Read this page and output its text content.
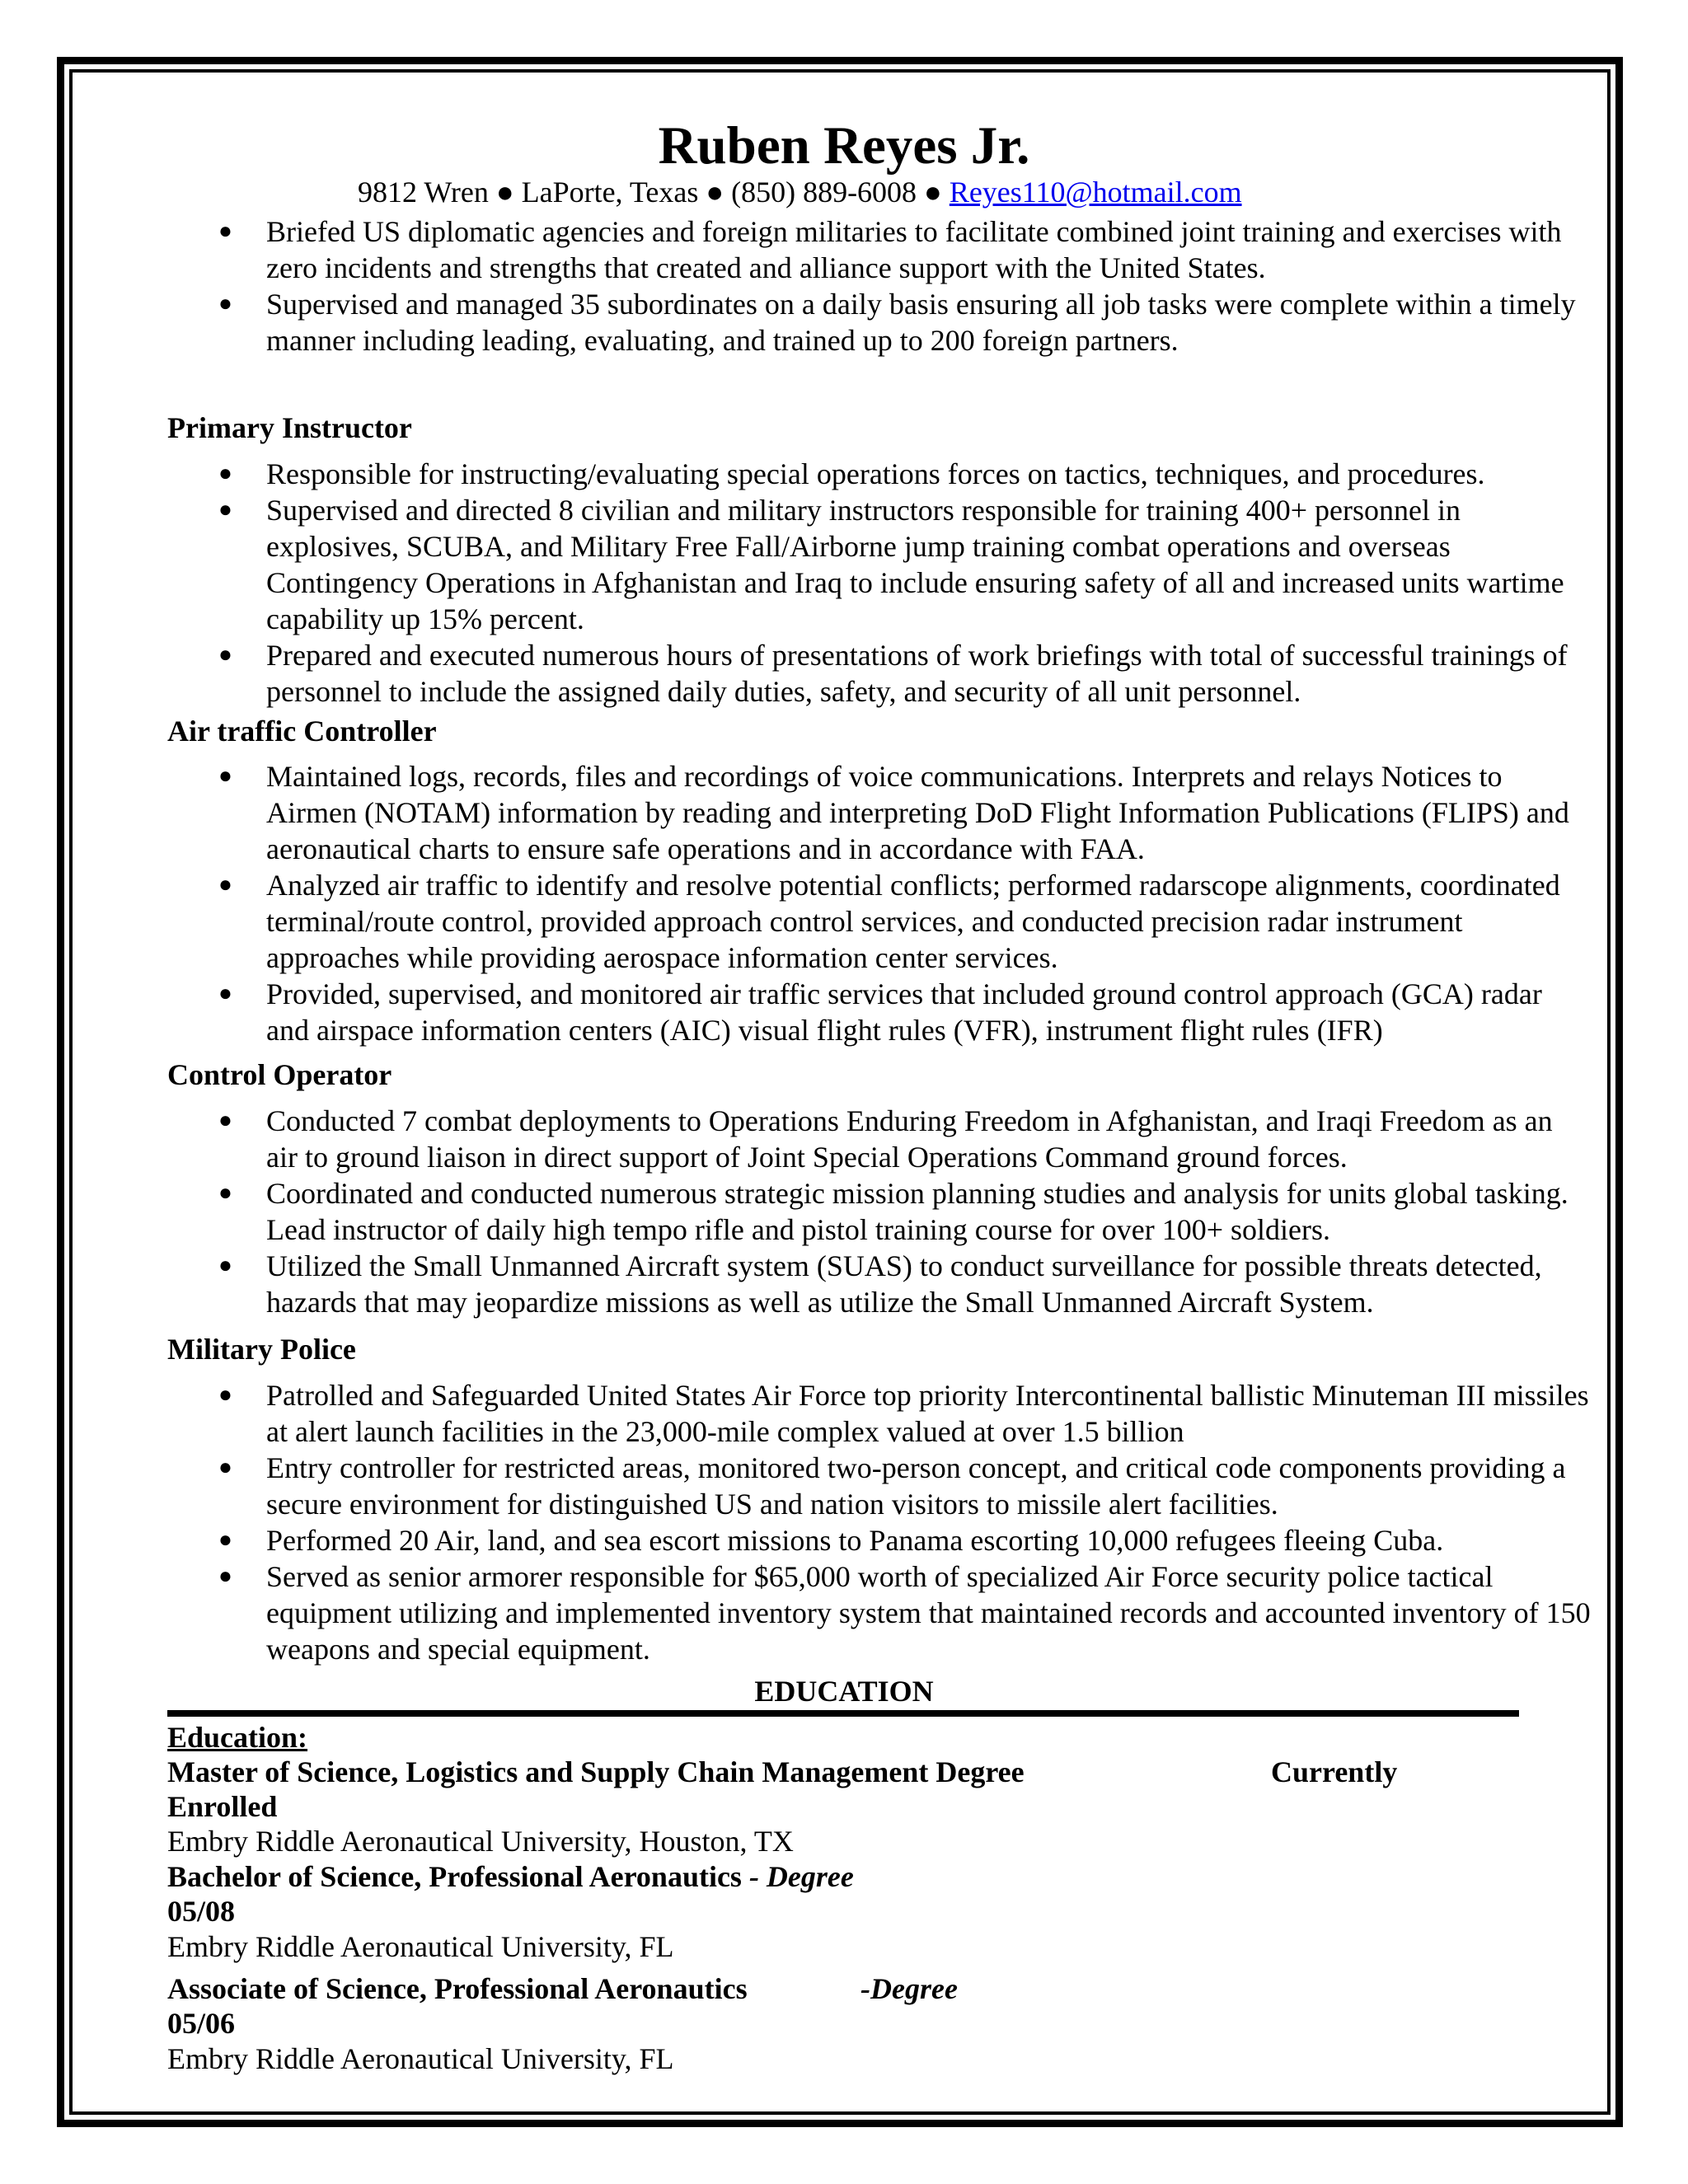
Ruben Reyes Jr.
9812 Wren ● LaPorte, Texas ● (850) 889-6008 ● Reyes110@hotmail.com
● Briefed US diplomatic agencies and foreign militaries to facilitate combined joint training and exercises with zero incidents and strengths that created and alliance support with the United States.
● Supervised and managed 35 subordinates on a daily basis ensuring all job tasks were complete within a timely manner including leading, evaluating, and trained up to 200 foreign partners.
Primary Instructor
● Responsible for instructing/evaluating special operations forces on tactics, techniques, and procedures.
● Supervised and directed 8 civilian and military instructors responsible for training 400+ personnel in explosives, SCUBA, and Military Free Fall/Airborne jump training combat operations and overseas Contingency Operations in Afghanistan and Iraq to include ensuring safety of all and increased units wartime capability up 15% percent.
● Prepared and executed numerous hours of presentations of work briefings with total of successful trainings of personnel to include the assigned daily duties, safety, and security of all unit personnel.
Air traffic Controller
● Maintained logs, records, files and recordings of voice communications. Interprets and relays Notices to Airmen (NOTAM) information by reading and interpreting DoD Flight Information Publications (FLIPS) and aeronautical charts to ensure safe operations and in accordance with FAA.
● Analyzed air traffic to identify and resolve potential conflicts; performed radarscope alignments, coordinated terminal/route control, provided approach control services, and conducted precision radar instrument approaches while providing aerospace information center services.
● Provided, supervised, and monitored air traffic services that included ground control approach (GCA) radar and airspace information centers (AIC) visual flight rules (VFR), instrument flight rules (IFR)
Control Operator
● Conducted 7 combat deployments to Operations Enduring Freedom in Afghanistan, and Iraqi Freedom as an air to ground liaison in direct support of Joint Special Operations Command ground forces.
● Coordinated and conducted numerous strategic mission planning studies and analysis for units global tasking. Lead instructor of daily high tempo rifle and pistol training course for over 100+ soldiers.
● Utilized the Small Unmanned Aircraft system (SUAS) to conduct surveillance for possible threats detected, hazards that may jeopardize missions as well as utilize the Small Unmanned Aircraft System.
Military Police
● Patrolled and Safeguarded United States Air Force top priority Intercontinental ballistic Minuteman III missiles at alert launch facilities in the 23,000-mile complex valued at over 1.5 billion
● Entry controller for restricted areas, monitored two-person concept, and critical code components providing a secure environment for distinguished US and nation visitors to missile alert facilities.
● Performed 20 Air, land, and sea escort missions to Panama escorting 10,000 refugees fleeing Cuba.
● Served as senior armorer responsible for $65,000 worth of specialized Air Force security police tactical equipment utilizing and implemented inventory system that maintained records and accounted inventory of 150 weapons and special equipment.
EDUCATION
Education:
Master of Science, Logistics and Supply Chain Management Degree	Currently
Enrolled
Embry Riddle Aeronautical University, Houston, TX
Bachelor of Science, Professional Aeronautics - Degree
05/08
Embry Riddle Aeronautical University, FL
Associate of Science, Professional Aeronautics	-Degree
05/06
Embry Riddle Aeronautical University, FL
